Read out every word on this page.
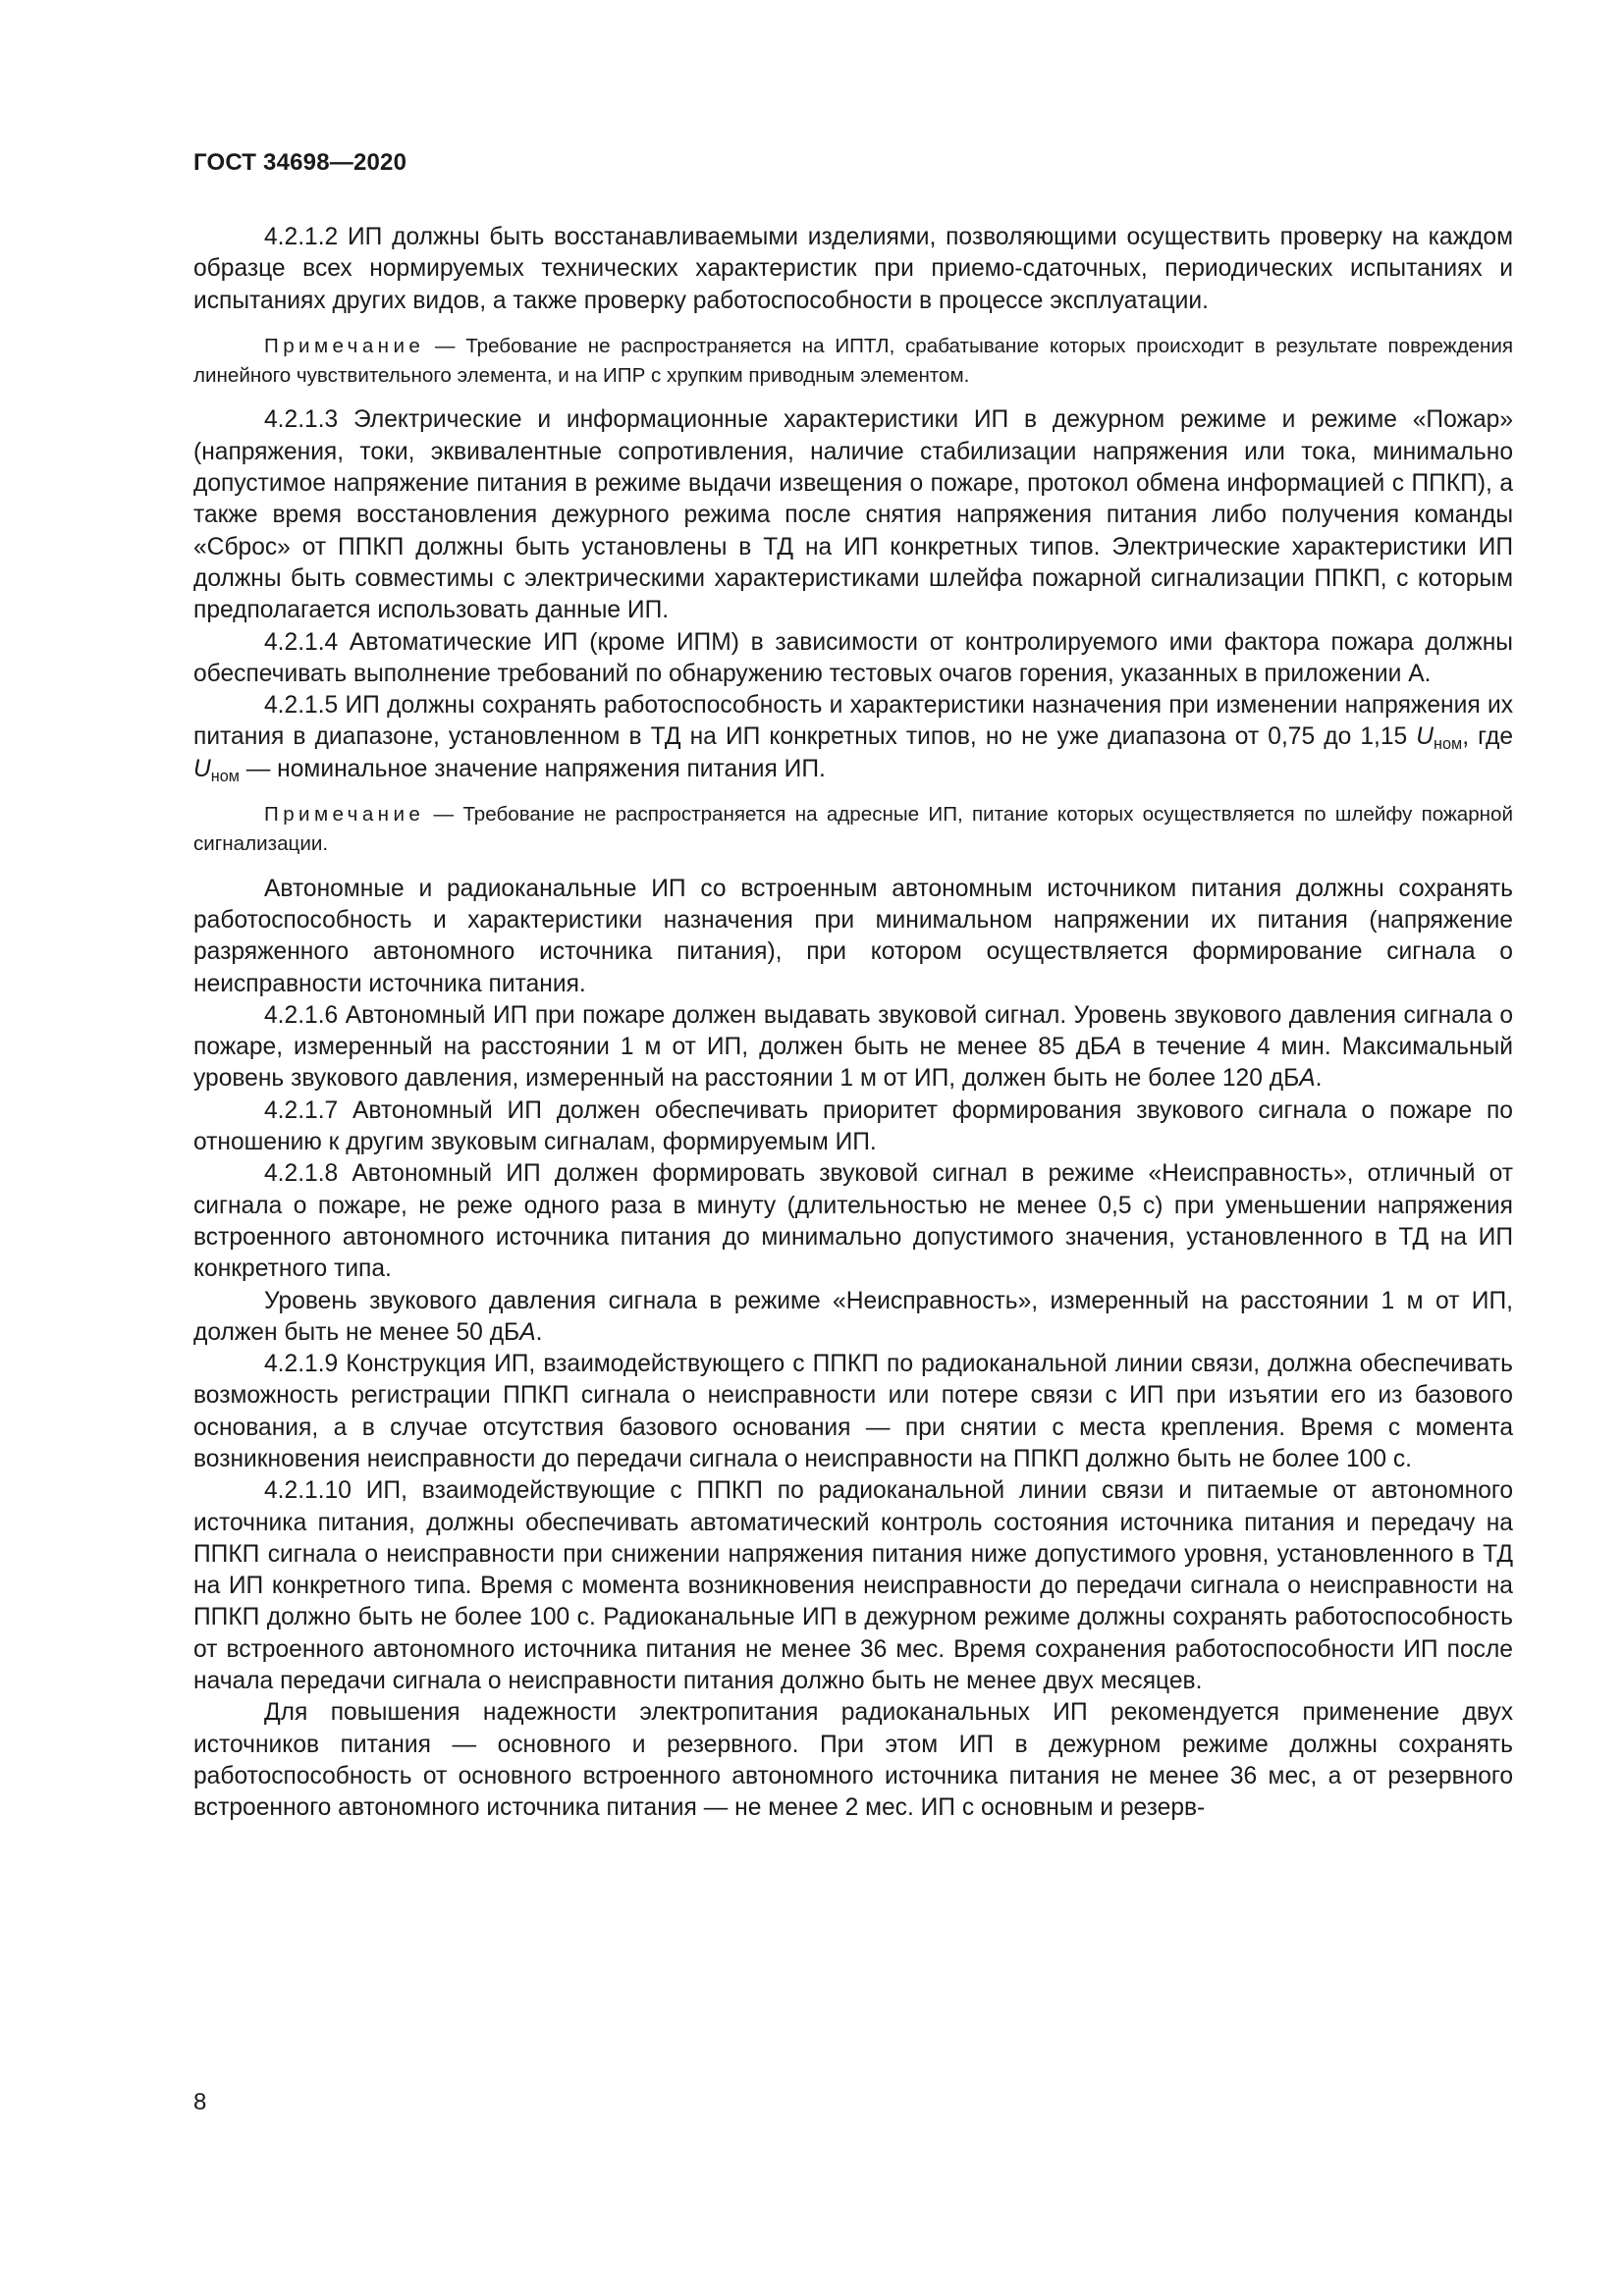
ГОСТ 34698—2020

4.2.1.2 ИП должны быть восстанавливаемыми изделиями, позволяющими осуществить проверку на каждом образце всех нормируемых технических характеристик при приемо-сдаточных, периодических испытаниях и испытаниях других видов, а также проверку работоспособности в процессе эксплуатации.

Примечание — Требование не распространяется на ИПТЛ, срабатывание которых происходит в результате повреждения линейного чувствительного элемента, и на ИПР с хрупким приводным элементом.

4.2.1.3 Электрические и информационные характеристики ИП в дежурном режиме и режиме «Пожар» (напряжения, токи, эквивалентные сопротивления, наличие стабилизации напряжения или тока, минимально допустимое напряжение питания в режиме выдачи извещения о пожаре, протокол обмена информацией с ППКП), а также время восстановления дежурного режима после снятия напряжения питания либо получения команды «Сброс» от ППКП должны быть установлены в ТД на ИП конкретных типов. Электрические характеристики ИП должны быть совместимы с электрическими характеристиками шлейфа пожарной сигнализации ППКП, с которым предполагается использовать данные ИП.

4.2.1.4 Автоматические ИП (кроме ИПМ) в зависимости от контролируемого ими фактора пожара должны обеспечивать выполнение требований по обнаружению тестовых очагов горения, указанных в приложении А.

4.2.1.5 ИП должны сохранять работоспособность и характеристики назначения при изменении напряжения их питания в диапазоне, установленном в ТД на ИП конкретных типов, но не уже диапазона от 0,75 до 1,15 $U_{ном}$, где $U_{ном}$ — номинальное значение напряжения питания ИП.

Примечание — Требование не распространяется на адресные ИП, питание которых осуществляется по шлейфу пожарной сигнализации.

Автономные и радиоканальные ИП со встроенным автономным источником питания должны сохранять работоспособность и характеристики назначения при минимальном напряжении их питания (напряжение разряженного автономного источника питания), при котором осуществляется формирование сигнала о неисправности источника питания.

4.2.1.6 Автономный ИП при пожаре должен выдавать звуковой сигнал. Уровень звукового давления сигнала о пожаре, измеренный на расстоянии 1 м от ИП, должен быть не менее 85 дБА в течение 4 мин. Максимальный уровень звукового давления, измеренный на расстоянии 1 м от ИП, должен быть не более 120 дБА.

4.2.1.7 Автономный ИП должен обеспечивать приоритет формирования звукового сигнала о пожаре по отношению к другим звуковым сигналам, формируемым ИП.

4.2.1.8 Автономный ИП должен формировать звуковой сигнал в режиме «Неисправность», отличный от сигнала о пожаре, не реже одного раза в минуту (длительностью не менее 0,5 с) при уменьшении напряжения встроенного автономного источника питания до минимально допустимого значения, установленного в ТД на ИП конкретного типа.

Уровень звукового давления сигнала в режиме «Неисправность», измеренный на расстоянии 1 м от ИП, должен быть не менее 50 дБА.

4.2.1.9 Конструкция ИП, взаимодействующего с ППКП по радиоканальной линии связи, должна обеспечивать возможность регистрации ППКП сигнала о неисправности или потере связи с ИП при изъятии его из базового основания, а в случае отсутствия базового основания — при снятии с места крепления. Время с момента возникновения неисправности до передачи сигнала о неисправности на ППКП должно быть не более 100 с.

4.2.1.10 ИП, взаимодействующие с ППКП по радиоканальной линии связи и питаемые от автономного источника питания, должны обеспечивать автоматический контроль состояния источника питания и передачу на ППКП сигнала о неисправности при снижении напряжения питания ниже допустимого уровня, установленного в ТД на ИП конкретного типа. Время с момента возникновения неисправности до передачи сигнала о неисправности на ППКП должно быть не более 100 с. Радиоканальные ИП в дежурном режиме должны сохранять работоспособность от встроенного автономного источника питания не менее 36 мес. Время сохранения работоспособности ИП после начала передачи сигнала о неисправности питания должно быть не менее двух месяцев.

Для повышения надежности электропитания радиоканальных ИП рекомендуется применение двух источников питания — основного и резервного. При этом ИП в дежурном режиме должны сохранять работоспособность от основного встроенного автономного источника питания не менее 36 мес, а от резервного встроенного автономного источника питания — не менее 2 мес. ИП с основным и резерв-

8
